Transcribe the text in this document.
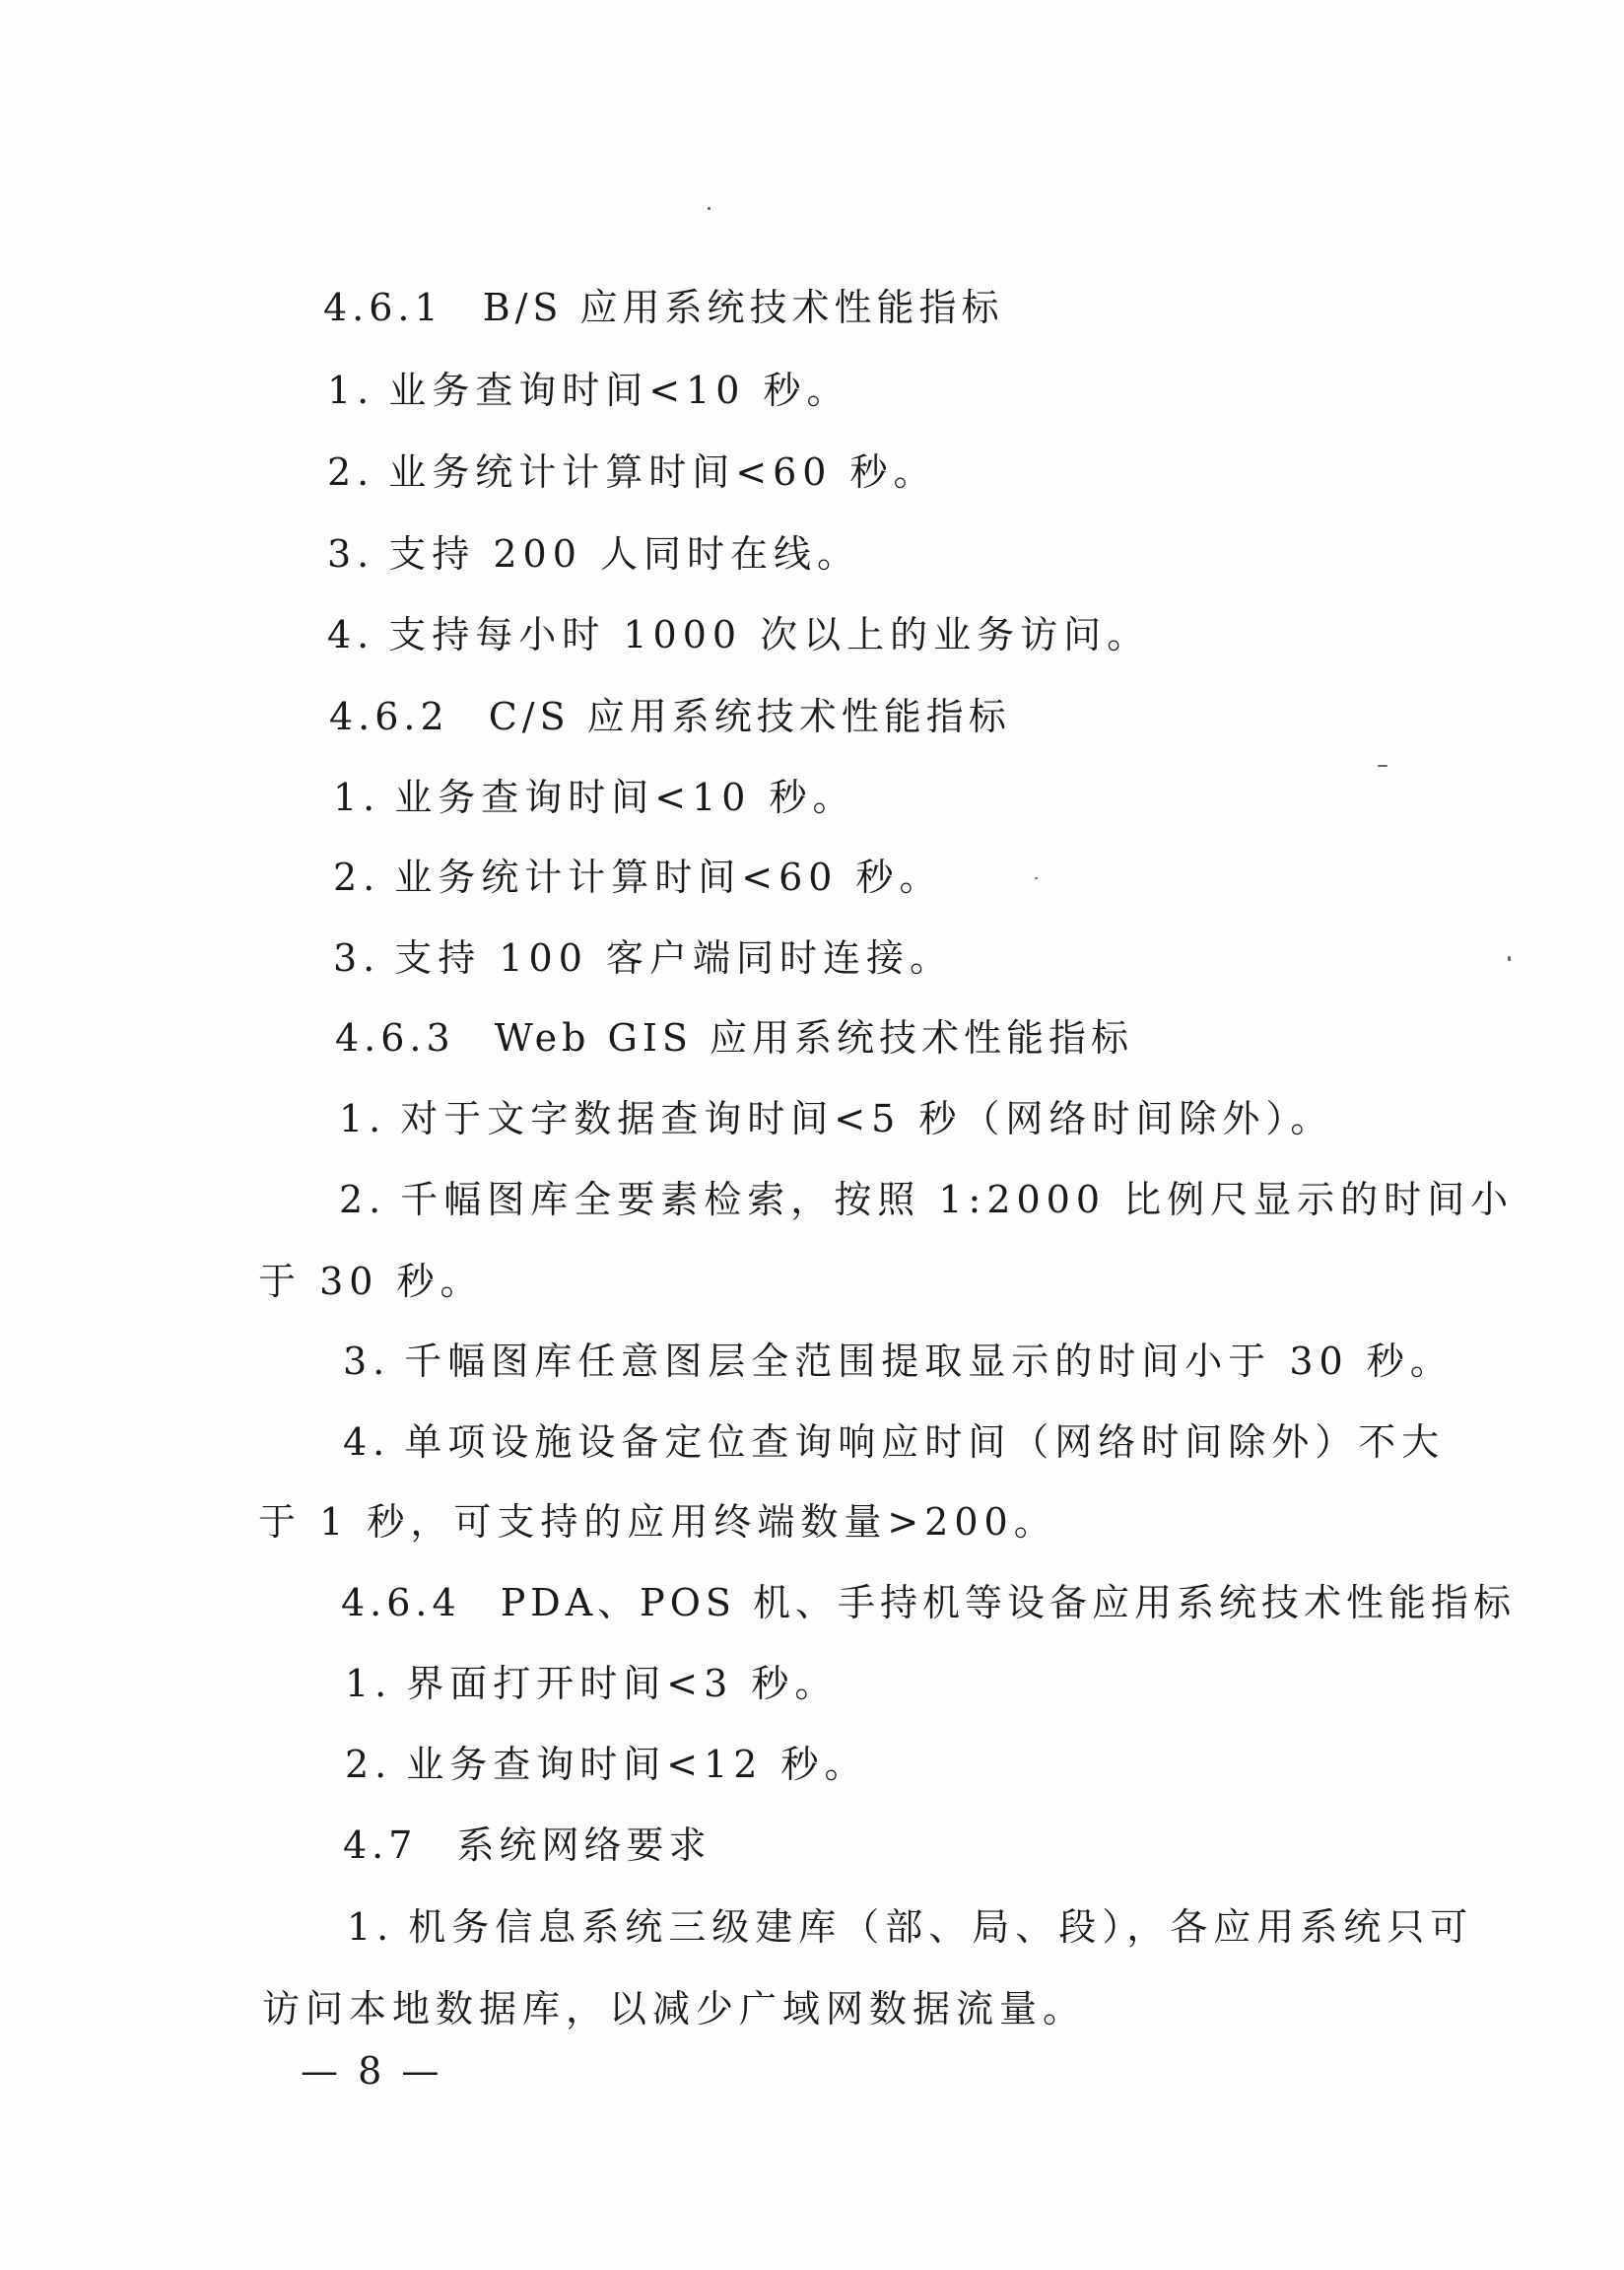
4.6.1 B/S 应用系统技术性能指标
1. 业务查询时间<10 秒。
2. 业务统计计算时间<60 秒。
3. 支持 200 人同时在线。
4. 支持每小时 1000 次以上的业务访问。
4.6.2 C/S 应用系统技术性能指标
1. 业务查询时间<10 秒。
2. 业务统计计算时间<60 秒。
3. 支持 100 客户端同时连接。
4.6.3 Web GIS 应用系统技术性能指标
1. 对于文字数据查询时间<5 秒（网络时间除外）。
2. 千幅图库全要素检索，按照 1:2000 比例尺显示的时间小
于 30 秒。
3. 千幅图库任意图层全范围提取显示的时间小于 30 秒。
4. 单项设施设备定位查询响应时间（网络时间除外）不大
于 1 秒，可支持的应用终端数量>200。
4.6.4 PDA、POS 机、手持机等设备应用系统技术性能指标
1. 界面打开时间<3 秒。
2. 业务查询时间<12 秒。
4.7 系统网络要求
1. 机务信息系统三级建库（部、局、段），各应用系统只可
访问本地数据库，以减少广域网数据流量。
— 8 —
